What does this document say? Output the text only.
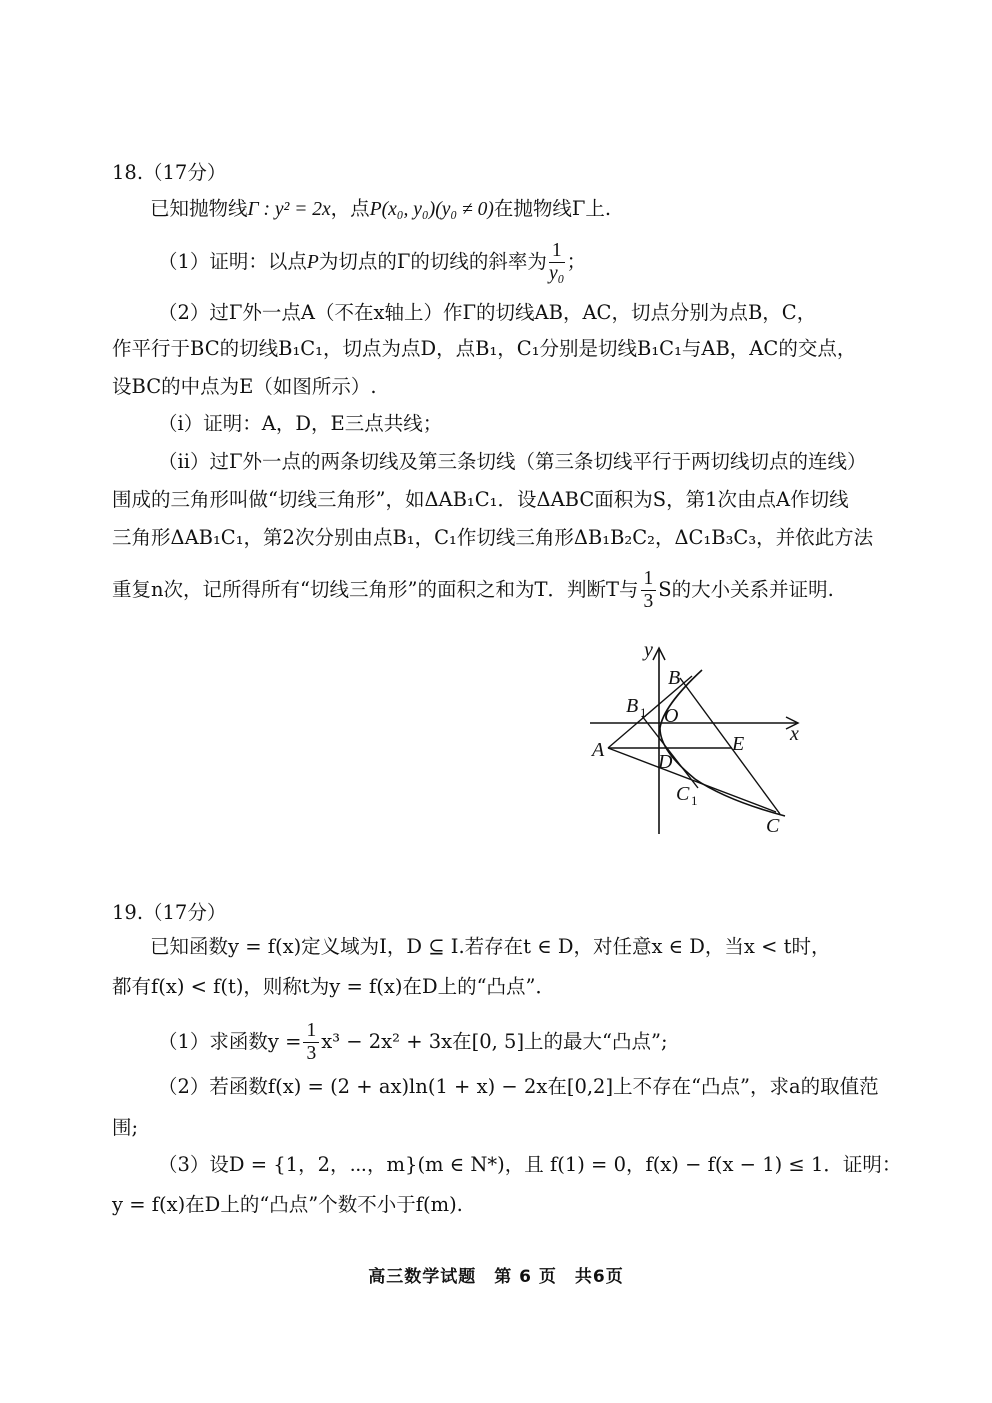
18.（17分）
已知抛物线Γ : y² = 2x，点P(x₀, y₀)(y₀ ≠ 0)在抛物线Γ上.
（1）证明：以点P为切点的Γ的切线的斜率为 $\frac{1}{\text{y₀}}$ ；
（2）过Γ外一点A（不在x轴上）作Γ的切线AB，AC，切点分别为点B，C，
作平行于BC的切线B₁C₁，切点为点D，点B₁，C₁分别是切线B₁C₁与AB，AC的交点，
设BC的中点为E（如图所示）.
（i）证明：A，D，E三点共线；
（ii）过Γ外一点的两条切线及第三条切线（第三条切线平行于两切线切点的连线）
围成的三角形叫做“切线三角形”，如ΔAB₁C₁．设ΔABC面积为S，第1次由点A作切线
三角形ΔAB₁C₁，第2次分别由点B₁，C₁作切线三角形ΔB₁B₂C₂，ΔC₁B₃C₃，并依此方法
重复n次，记所得所有“切线三角形”的面积之和为T．判断T与 $\frac{1}{3}$ S的大小关系并证明.
y
x
B
B 1 O
A	E
D
C 1
C
19.（17分）
已知函数y = f(x)定义域为I，D ⊆ I.若存在t ∈ D，对任意x ∈ D，当x < t时，
都有f(x) < f(t)，则称t为y = f(x)在D上的“凸点”．
（1）求函数$y = \frac{1}{3} x^3 - 2x^2 + 3x$在[0, 5]上的最大“凸点”;
（2）若函数f(x) = (2 + ax)ln(1 + x) − 2x在[0,2]上不存在“凸点”，求a的取值范
围;
（3）设D = {1，2，⋯，m}(m ∈ N*)，且 f(1) = 0，f(x) − f(x − 1) ≤ 1．证明：
y = f(x)在D上的“凸点”个数不小于f(m).
高三数学试题　第 6 页　共6页
